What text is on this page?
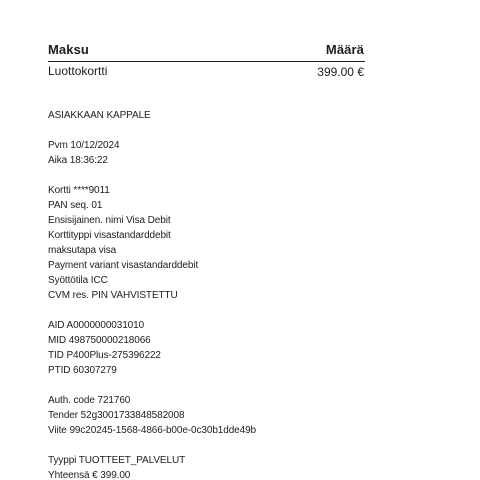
Maksu	Määrä
Luottokortti	399.00 €
ASIAKKAAN KAPPALE
Pvm 10/12/2024
Aika 18:36:22
Kortti ****9011
PAN seq. 01
Ensisijainen. nimi Visa Debit
Korttityppi visastandarddebit
maksutapa visa
Payment variant visastandarddebit
Syöttötila ICC
CVM res. PIN VAHVISTETTU
AID A0000000031010
MID 498750000218066
TID P400Plus-275396222
PTID 60307279
Auth. code 721760
Tender 52g3001733848582008
Viite 99c20245-1568-4866-b00e-0c30b1dde49b
Tyyppi TUOTTEET_PALVELUT
Yhteensä € 399.00
